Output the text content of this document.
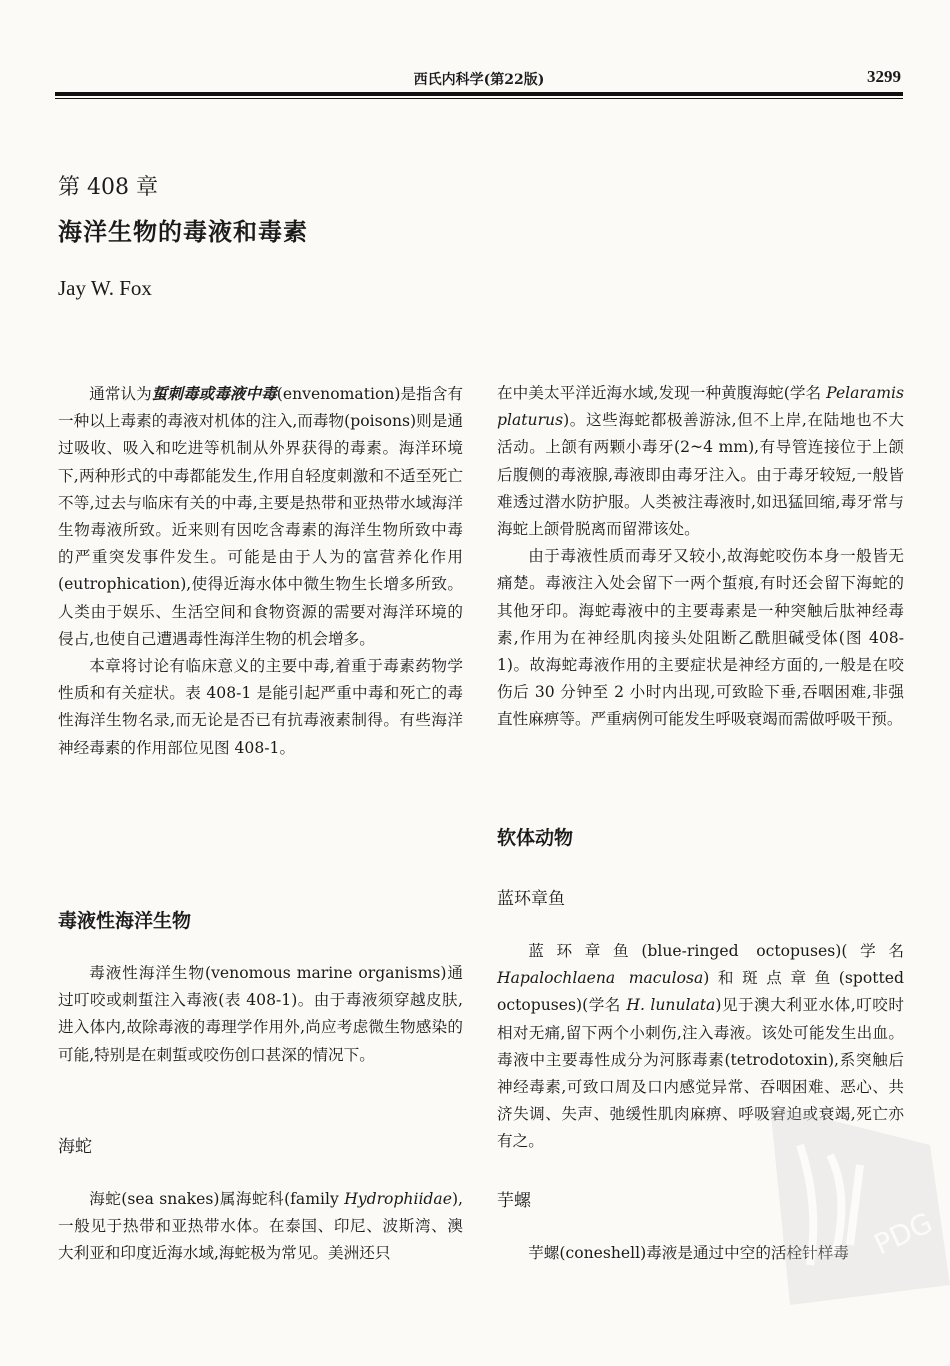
西氏内科学(第22版)	3299
第 408 章
海洋生物的毒液和毒素
Jay W. Fox

通常认为蜇刺毒或毒液中毒(envenomation)是指含有一种以上毒素的毒液对机体的注入,而毒物(poisons)则是通过吸收、吸入和吃进等机制从外界获得的毒素。海洋环境下,两种形式的中毒都能发生,作用自轻度刺激和不适至死亡不等,过去与临床有关的中毒,主要是热带和亚热带水域海洋生物毒液所致。近来则有因吃含毒素的海洋生物所致中毒的严重突发事件发生。可能是由于人为的富营养化作用(eutrophication),使得近海水体中微生物生长增多所致。人类由于娱乐、生活空间和食物资源的需要对海洋环境的侵占,也使自己遭遇毒性海洋生物的机会增多。

本章将讨论有临床意义的主要中毒,着重于毒素药物学性质和有关症状。表 408-1 是能引起严重中毒和死亡的毒性海洋生物名录,而无论是否已有抗毒液素制得。有些海洋神经毒素的作用部位见图 408-1。

毒液性海洋生物

毒液性海洋生物(venomous marine organisms)通过叮咬或刺蜇注入毒液(表 408-1)。由于毒液须穿越皮肤,进入体内,故除毒液的毒理学作用外,尚应考虑微生物感染的可能,特别是在刺蜇或咬伤创口甚深的情况下。

海蛇

海蛇(sea snakes)属海蛇科(family Hydrophiidae),一般见于热带和亚热带水体。在泰国、印尼、波斯湾、澳大利亚和印度近海水域,海蛇极为常见。美洲还只

在中美太平洋近海水域,发现一种黄腹海蛇(学名 Pelaramis platurus)。这些海蛇都极善游泳,但不上岸,在陆地也不大活动。上颌有两颗小毒牙(2~4 mm),有导管连接位于上颌后腹侧的毒液腺,毒液即由毒牙注入。由于毒牙较短,一般皆难透过潜水防护服。人类被注毒液时,如迅猛回缩,毒牙常与海蛇上颌骨脱离而留滞该处。

由于毒液性质而毒牙又较小,故海蛇咬伤本身一般皆无痛楚。毒液注入处会留下一两个蜇痕,有时还会留下海蛇的其他牙印。海蛇毒液中的主要毒素是一种突触后肽神经毒素,作用为在神经肌肉接头处阻断乙酰胆碱受体(图 408-1)。故海蛇毒液作用的主要症状是神经方面的,一般是在咬伤后 30 分钟至 2 小时内出现,可致睑下垂,吞咽困难,非强直性麻痹等。严重病例可能发生呼吸衰竭而需做呼吸干预。

软体动物
蓝环章鱼

蓝环章鱼(blue-ringed octopuses)(学名 Hapalochlaena maculosa)和斑点章鱼(spotted octopuses)(学名 H. lunulata)见于澳大利亚水体,叮咬时相对无痛,留下两个小刺伤,注入毒液。该处可能发生出血。毒液中主要毒性成分为河豚毒素(tetrodotoxin),系突触后神经毒素,可致口周及口内感觉异常、吞咽困难、恶心、共济失调、失声、弛缓性肌肉麻痹、呼吸窘迫或衰竭,死亡亦有之。

芋螺

芋螺(coneshell)毒液是通过中空的活栓针样毒 PDG
